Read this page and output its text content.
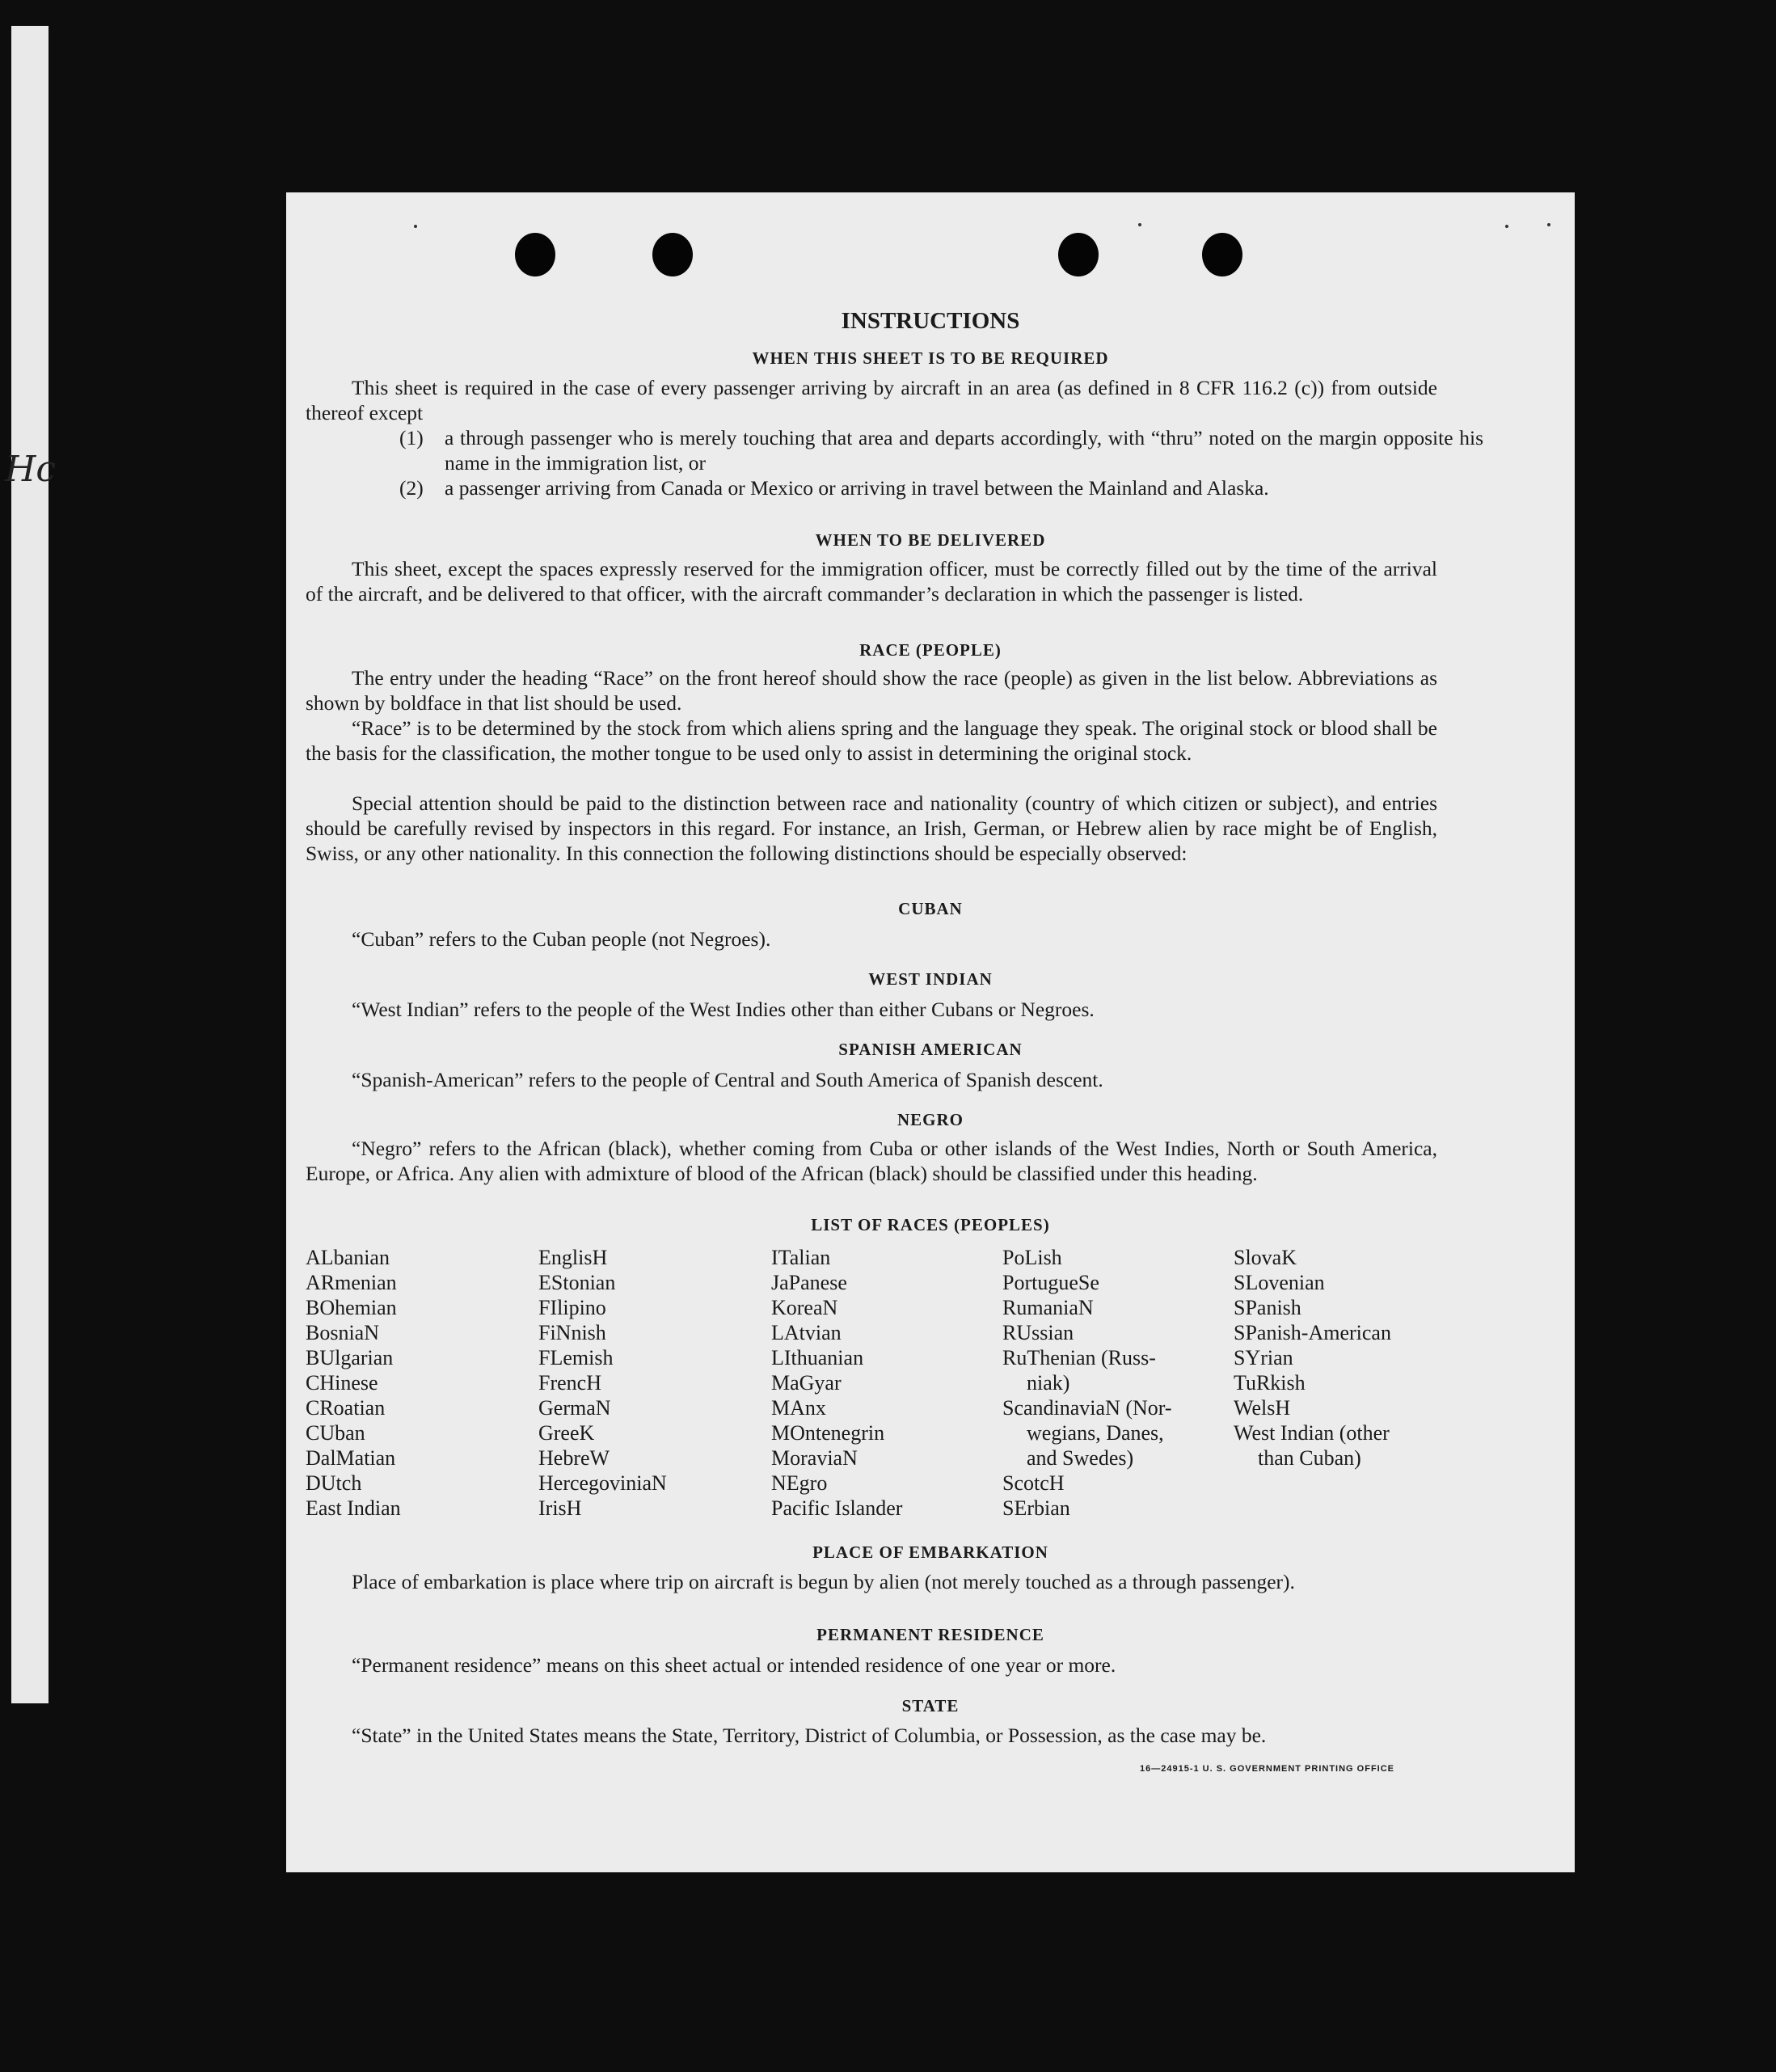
Hc
INSTRUCTIONS
WHEN THIS SHEET IS TO BE REQUIRED
This sheet is required in the case of every passenger arriving by aircraft in an area (as defined in 8 CFR 116.2 (c)) from outside thereof except
(1) a through passenger who is merely touching that area and departs accordingly, with “thru” noted on the margin opposite his name in the immigration list, or
(2) a passenger arriving from Canada or Mexico or arriving in travel between the Mainland and Alaska.
WHEN TO BE DELIVERED
This sheet, except the spaces expressly reserved for the immigration officer, must be correctly filled out by the time of the arrival of the aircraft, and be delivered to that officer, with the aircraft commander’s declaration in which the passenger is listed.
RACE (PEOPLE)
The entry under the heading “Race” on the front hereof should show the race (people) as given in the list below. Abbreviations as shown by boldface in that list should be used.
“Race” is to be determined by the stock from which aliens spring and the language they speak. The original stock or blood shall be the basis for the classification, the mother tongue to be used only to assist in determining the original stock.
Special attention should be paid to the distinction between race and nationality (country of which citizen or subject), and entries should be carefully revised by inspectors in this regard. For instance, an Irish, German, or Hebrew alien by race might be of English, Swiss, or any other nationality. In this connection the following distinctions should be especially observed:
CUBAN
“Cuban” refers to the Cuban people (not Negroes).
WEST INDIAN
“West Indian” refers to the people of the West Indies other than either Cubans or Negroes.
SPANISH AMERICAN
“Spanish-American” refers to the people of Central and South America of Spanish descent.
NEGRO
“Negro” refers to the African (black), whether coming from Cuba or other islands of the West Indies, North or South America, Europe, or Africa. Any alien with admixture of blood of the African (black) should be classified under this heading.
LIST OF RACES (PEOPLES)
ALbanian
ARmenian
BOhemian
BosniaN
BUlgarian
CHinese
CRoatian
CUban
DalMatian
DUtch
East Indian
EnglisH
EStonian
FIlipino
FiNnish
FLemish
FrencH
GermaN
GreeK
HebreW
HercegoviniaN
IrisH
ITalian
JaPanese
KoreaN
LAtvian
LIthuanian
MaGyar
MAnx
MOntenegrin
MoraviaN
NEgro
Pacific Islander
PoLish
PortugueSe
RumaniaN
RUssian
RuThenian (Russ-
niak)
ScandinaviaN (Nor-
wegians, Danes,
and Swedes)
ScotcH
SErbian
SlovaK
SLovenian
SPanish
SPanish-American
SYrian
TuRkish
WelsH
West Indian (other
than Cuban)
PLACE OF EMBARKATION
Place of embarkation is place where trip on aircraft is begun by alien (not merely touched as a through passenger).
PERMANENT RESIDENCE
“Permanent residence” means on this sheet actual or intended residence of one year or more.
STATE
“State” in the United States means the State, Territory, District of Columbia, or Possession, as the case may be.
16—24915-1 U. S. GOVERNMENT PRINTING OFFICE
